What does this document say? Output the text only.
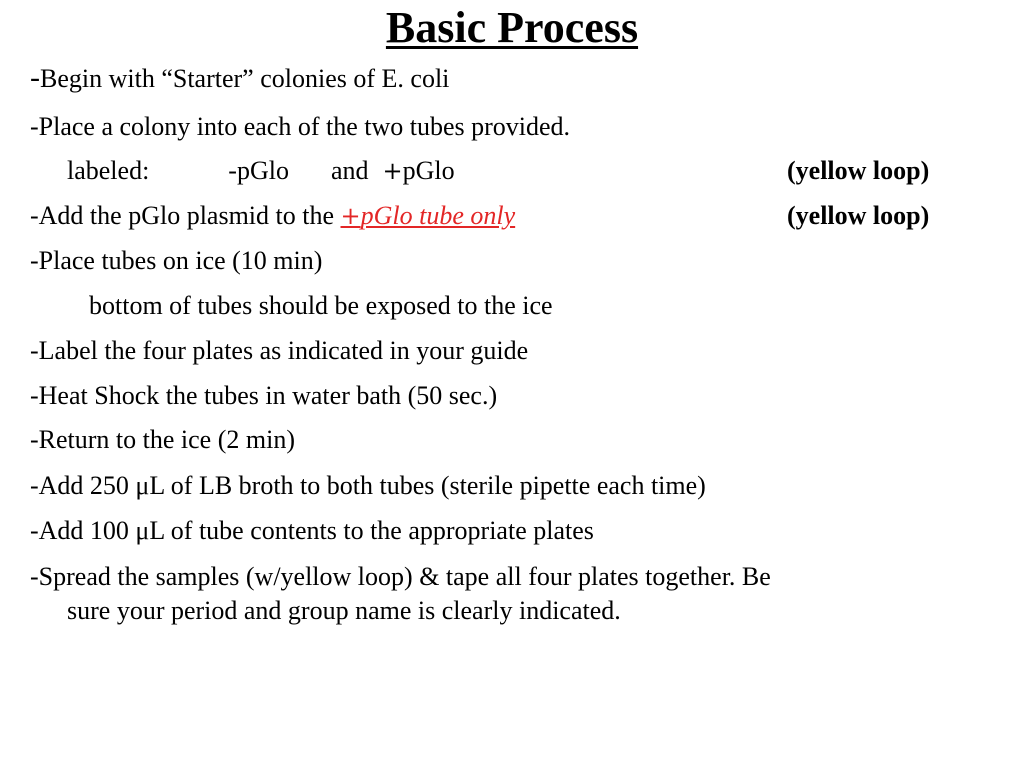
Basic Process
-Begin with “Starter” colonies of E. coli
-Place a colony into each of the two tubes provided.
labeled:	-pGlo and +pGlo	(yellow loop)
-Add the pGlo plasmid to the +pGlo tube only	(yellow loop)
-Place tubes on ice (10 min)
bottom of tubes should be exposed to the ice
-Label the four plates as indicated in your guide
-Heat Shock the tubes in water bath (50 sec.)
-Return to the ice (2 min)
-Add 250 μL of LB broth to both tubes (sterile pipette each time)
-Add 100 μL of tube contents to the appropriate plates
-Spread the samples (w/yellow loop) & tape all four plates together. Be
sure your period and group name is clearly indicated.
